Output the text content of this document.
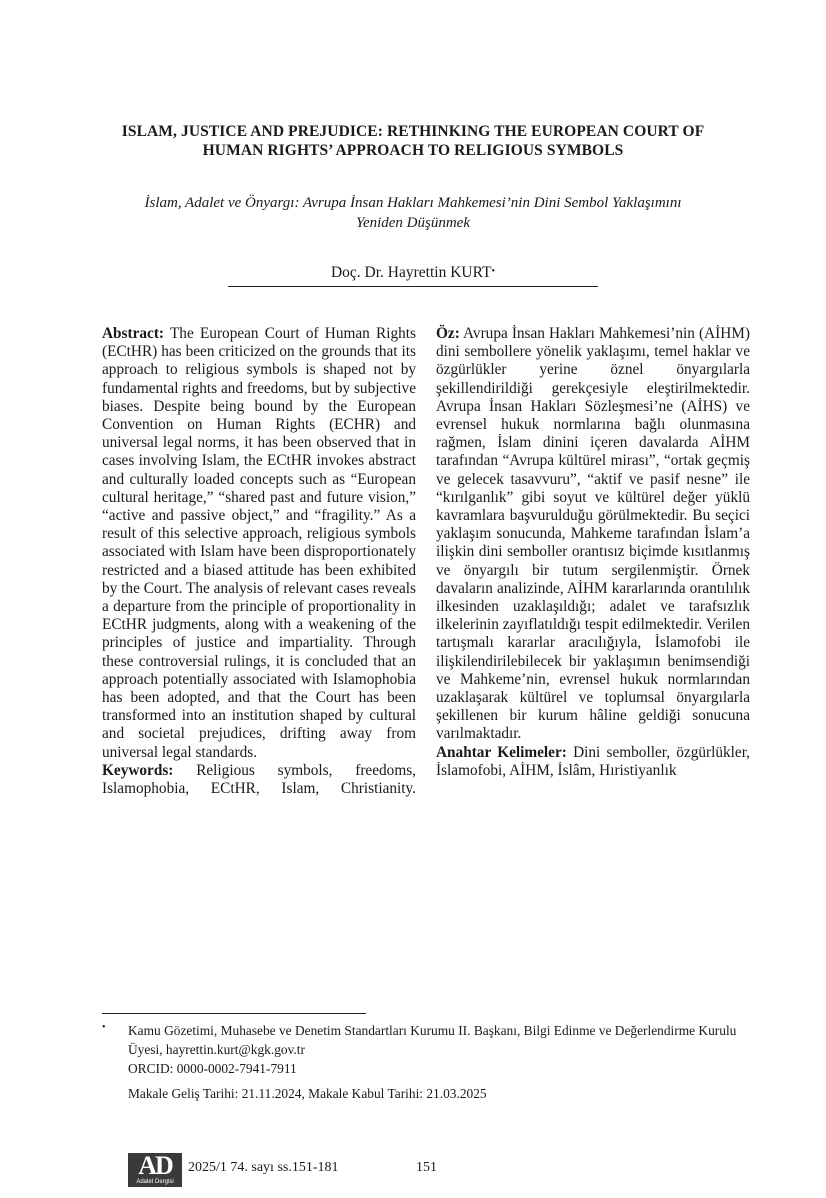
ISLAM, JUSTICE AND PREJUDICE: RETHINKING THE EUROPEAN COURT OF HUMAN RIGHTS’ APPROACH TO RELIGIOUS SYMBOLS

İslam, Adalet ve Önyargı: Avrupa İnsan Hakları Mahkemesi’nin Dini Sembol Yaklaşımını Yeniden Düşünmek

Doç. Dr. Hayrettin KURT•

Abstract: The European Court of Human Rights (ECtHR) has been criticized on the grounds that its approach to religious symbols is shaped not by fundamental rights and freedoms, but by subjective biases. Despite being bound by the European Convention on Human Rights (ECHR) and universal legal norms, it has been observed that in cases involving Islam, the ECtHR invokes abstract and culturally loaded concepts such as “European cultural heritage,” “shared past and future vision,” “active and passive object,” and “fragility.” As a result of this selective approach, religious symbols associated with Islam have been disproportionately restricted and a biased attitude has been exhibited by the Court. The analysis of relevant cases reveals a departure from the principle of proportionality in ECtHR judgments, along with a weakening of the principles of justice and impartiality. Through these controversial rulings, it is concluded that an approach potentially associated with Islamophobia has been adopted, and that the Court has been transformed into an institution shaped by cultural and societal prejudices, drifting away from universal legal standards.

Keywords: Religious symbols, freedoms, Islamophobia, ECtHR, Islam, Christianity.

Öz: Avrupa İnsan Hakları Mahkemesi’nin (AİHM) dini sembollere yönelik yaklaşımı, temel haklar ve özgürlükler yerine öznel önyargılarla şekillendirildiği gerekçesiyle eleştirilmektedir. Avrupa İnsan Hakları Sözleşmesi’ne (AİHS) ve evrensel hukuk normlarına bağlı olunmasına rağmen, İslam dinini içeren davalarda AİHM tarafından “Avrupa kültürel mirası”, “ortak geçmiş ve gelecek tasavvuru”, “aktif ve pasif nesne” ile “kırılganlık” gibi soyut ve kültürel değer yüklü kavramlara başvurulduğu görülmektedir. Bu seçici yaklaşım sonucunda, Mahkeme tarafından İslam’a ilişkin dini semboller orantısız biçimde kısıtlanmış ve önyargılı bir tutum sergilenmiştir. Örnek davaların analizinde, AİHM kararlarında orantılılık ilkesinden uzaklaşıldığı; adalet ve tarafsızlık ilkelerinin zayıflatıldığı tespit edilmektedir. Verilen tartışmalı kararlar aracılığıyla, İslamofobi ile ilişkilendirilebilecek bir yaklaşımın benimsendiği ve Mahkeme’nin, evrensel hukuk normlarından uzaklaşarak kültürel ve toplumsal önyargılarla şekillenen bir kurum hâline geldiği sonucuna varılmaktadır.

Anahtar Kelimeler: Dini semboller, özgürlükler, İslamofobi, AİHM, İslâm, Hıristiyanlık

• Kamu Gözetimi, Muhasebe ve Denetim Standartları Kurumu II. Başkanı, Bilgi Edinme ve Değerlendirme Kurulu Üyesi, hayrettin.kurt@kgk.gov.tr
ORCID: 0000-0002-7941-7911
Makale Geliş Tarihi: 21.11.2024, Makale Kabul Tarihi: 21.03.2025
AD
Adalet Dergisi
2025/1 74. sayı ss.151-181	151
